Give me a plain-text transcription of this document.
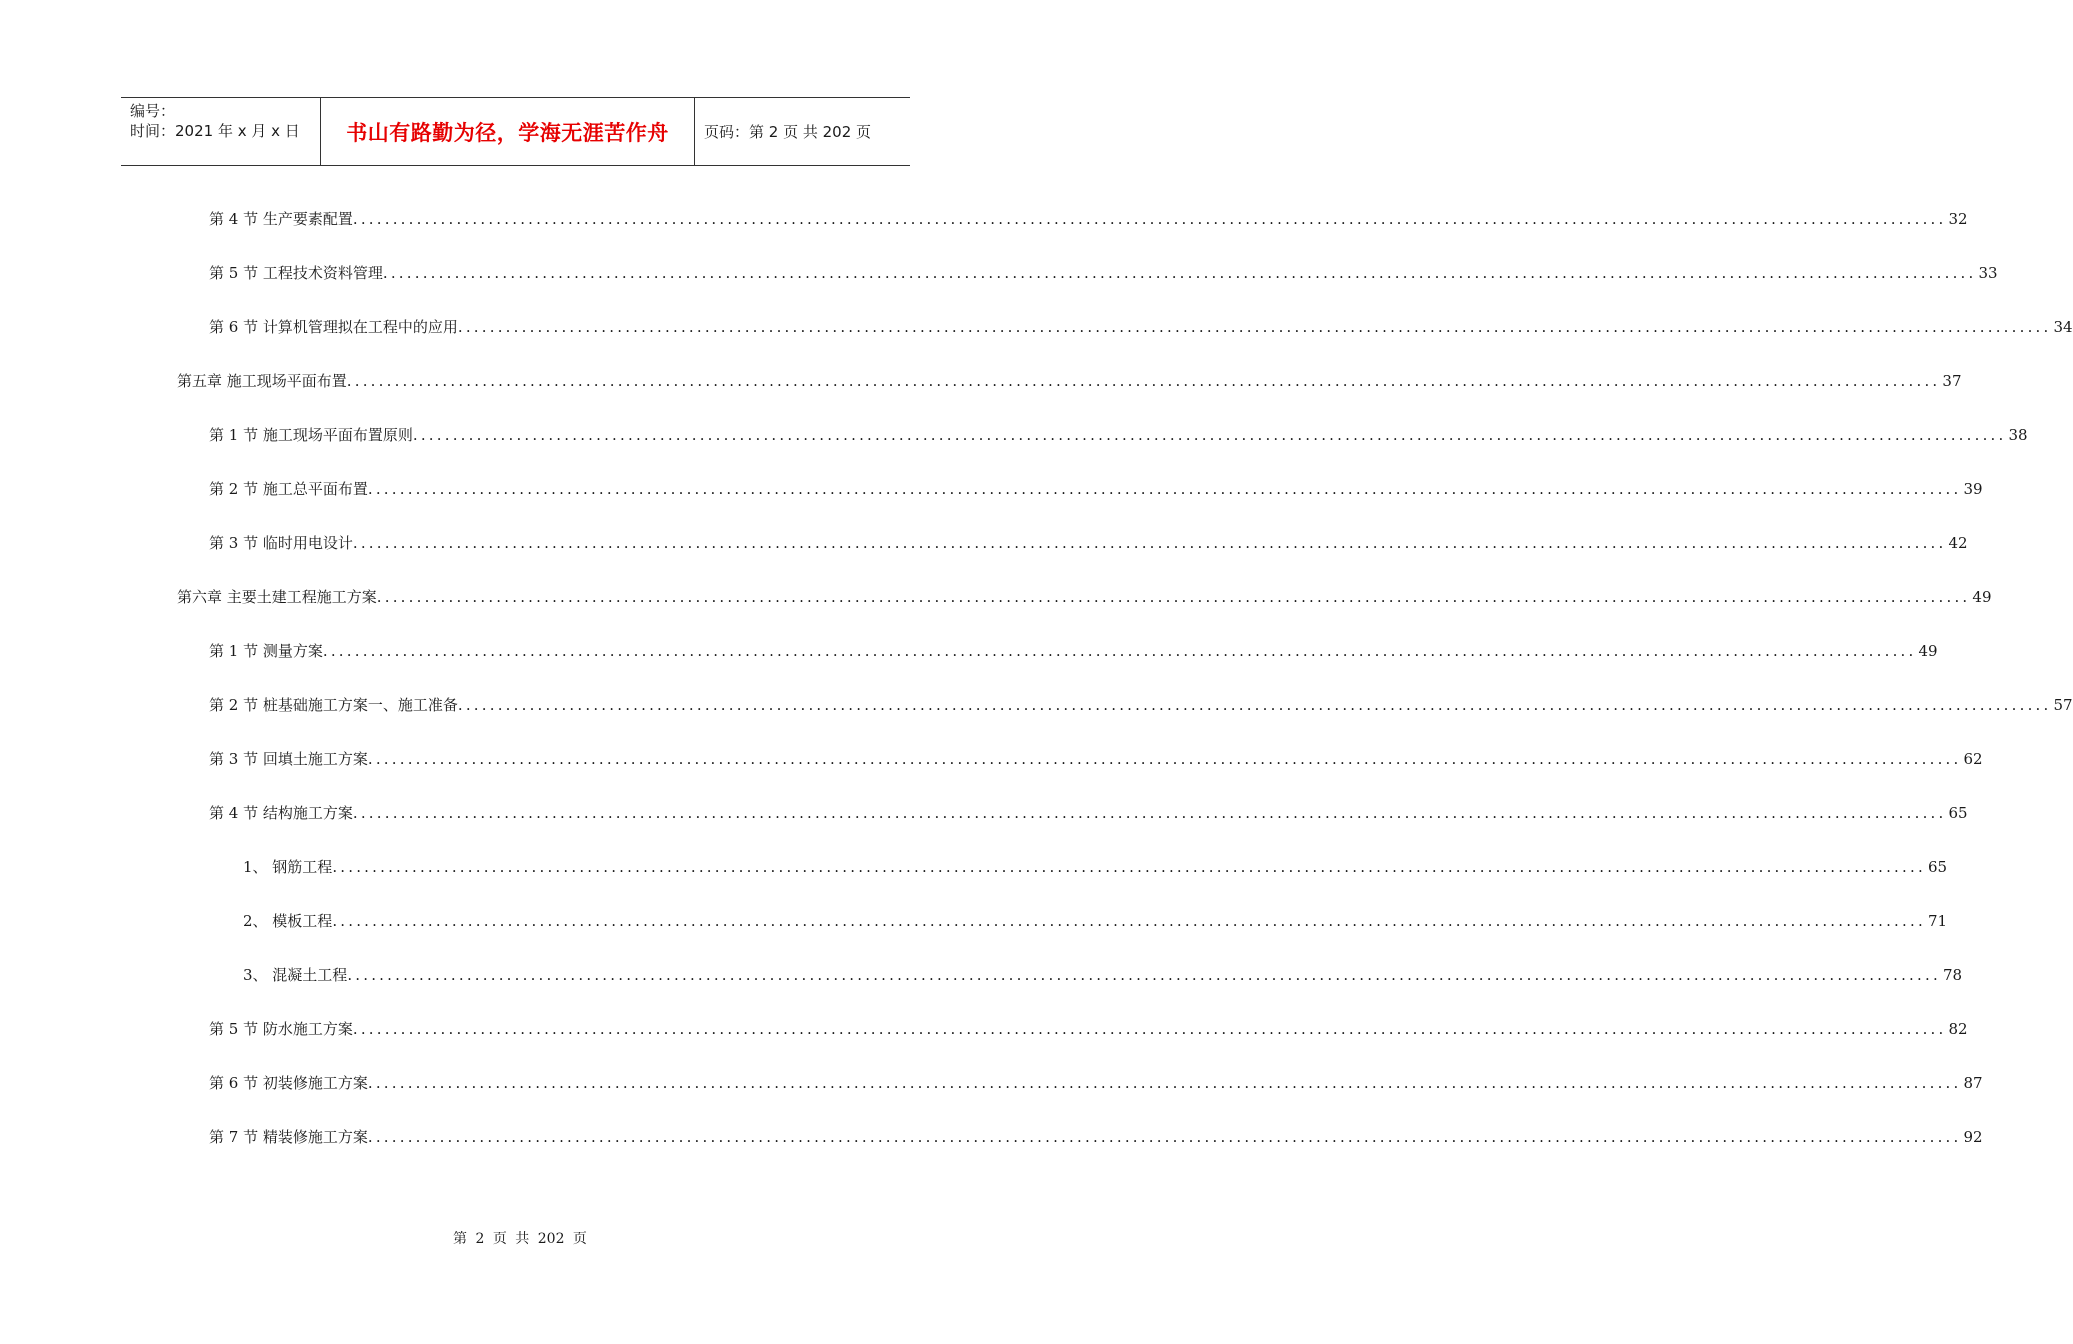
编号：
时间：2021 年 x 月 x 日	书山有路勤为径，学海无涯苦作舟	页码：第 2 页 共 202 页
第 4 节 生产要素配置 ........................................................................................................................................................................................................ 32
第 5 节 工程技术资料管理 ........................................................................................................................................................................................................ 33
第 6 节 计算机管理拟在工程中的应用 ........................................................................................................................................................................................................ 34
第五章 施工现场平面布置 ........................................................................................................................................................................................................ 37
第 1 节 施工现场平面布置原则 ........................................................................................................................................................................................................ 38
第 2 节 施工总平面布置 ........................................................................................................................................................................................................ 39
第 3 节 临时用电设计 ........................................................................................................................................................................................................ 42
第六章 主要土建工程施工方案 ........................................................................................................................................................................................................ 49
第 1 节 测量方案 ........................................................................................................................................................................................................ 49
第 2 节 桩基础施工方案一、施工准备 ........................................................................................................................................................................................................ 57
第 3 节 回填土施工方案 ........................................................................................................................................................................................................ 62
第 4 节 结构施工方案 ........................................................................................................................................................................................................ 65
1、 钢筋工程 ........................................................................................................................................................................................................ 65
2、 模板工程 ........................................................................................................................................................................................................ 71
3、 混凝土工程 ........................................................................................................................................................................................................ 78
第 5 节 防水施工方案 ........................................................................................................................................................................................................ 82
第 6 节 初装修施工方案 ........................................................................................................................................................................................................ 87
第 7 节 精装修施工方案 ........................................................................................................................................................................................................ 92
第 2 页 共 202 页
